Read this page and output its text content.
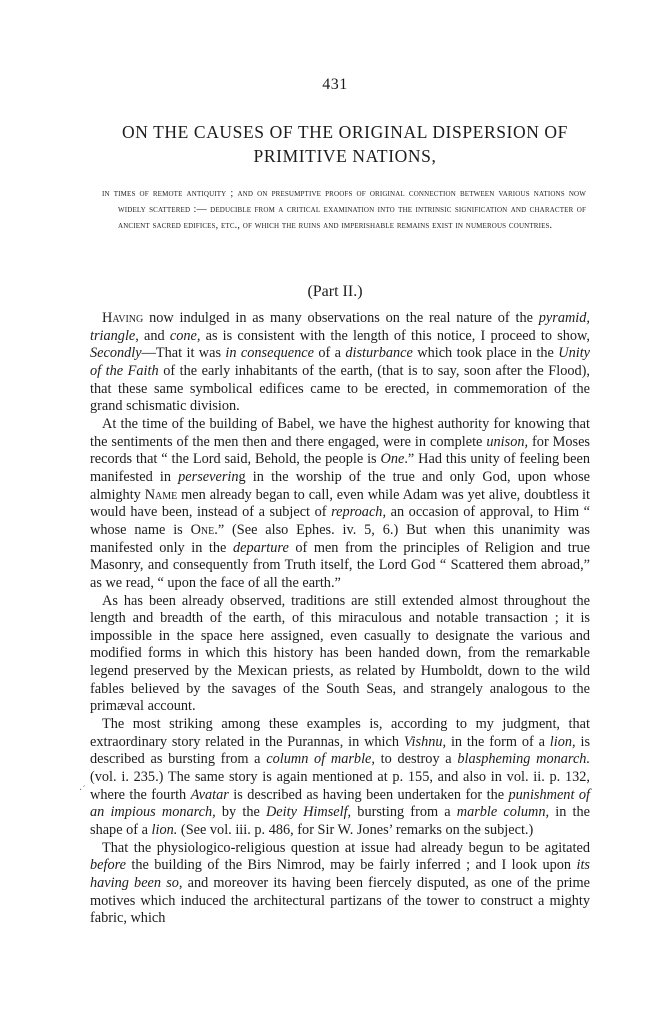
431
ON THE CAUSES OF THE ORIGINAL DISPERSION OF
PRIMITIVE NATIONS,
in times of remote antiquity ; and on presumptive proofs of original connection between various nations now widely scattered :— deducible from a critical examination into the intrinsic signification and character of ancient sacred edifices, etc., of which the ruins and imperishable remains exist in numerous countries.
(Part II.)

Having now indulged in as many observations on the real nature of the pyramid, triangle, and cone, as is consistent with the length of this notice, I proceed to show, Secondly—That it was in consequence of a disturbance which took place in the Unity of the Faith of the early inhabitants of the earth, (that is to say, soon after the Flood), that these same symbolical edifices came to be erected, in commemoration of the grand schismatic division.

At the time of the building of Babel, we have the highest authority for knowing that the sentiments of the men then and there engaged, were in complete unison, for Moses records that “ the Lord said, Behold, the people is One.” Had this unity of feeling been manifested in persevering in the worship of the true and only God, upon whose almighty Name men already began to call, even while Adam was yet alive, doubtless it would have been, instead of a subject of reproach, an occasion of approval, to Him “ whose name is One.” (See also Ephes. iv. 5, 6.) But when this unanimity was manifested only in the departure of men from the principles of Religion and true Masonry, and consequently from Truth itself, the Lord God “ Scattered them abroad,” as we read, “ upon the face of all the earth.”

As has been already observed, traditions are still extended almost throughout the length and breadth of the earth, of this miraculous and notable transaction ; it is impossible in the space here assigned, even casually to designate the various and modified forms in which this history has been handed down, from the remarkable legend preserved by the Mexican priests, as related by Humboldt, down to the wild fables believed by the savages of the South Seas, and strangely analogous to the primæval account.

The most striking among these examples is, according to my judgment, that extraordinary story related in the Purannas, in which Vishnu, in the form of a lion, is described as bursting from a column of marble, to destroy a blaspheming monarch. (vol. i. 235.) The same story is again mentioned at p. 155, and also in vol. ii. p. 132, where the fourth Avatar is described as having been undertaken for the punishment of an impious monarch, by the Deity Himself, bursting from a marble column, in the shape of a lion. (See vol. iii. p. 486, for Sir W. Jones’ remarks on the subject.)

That the physiologico-religious question at issue had already begun to be agitated before the building of the Birs Nimrod, may be fairly inferred ; and I look upon its having been so, and moreover its having been fiercely disputed, as one of the prime motives which induced the architectural partizans of the tower to construct a mighty fabric, which

·´
